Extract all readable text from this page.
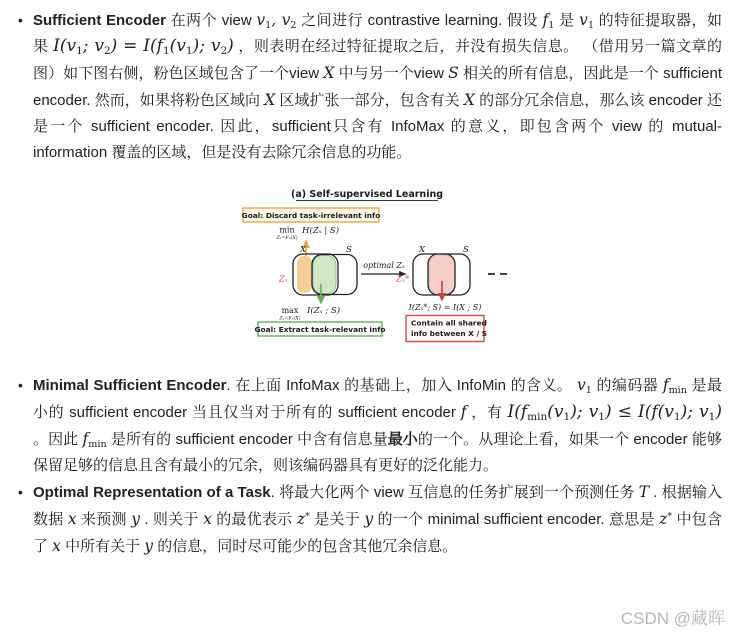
• Sufficient Encoder 在两个 view $v_1$, $v_2$ 之间进行 contrastive learning. 假设 $f_1$ 是 $v_1$ 的特征提取器，如果 $I(v_1$; $v_2) = I(f_1(v_1)$; $v_2$) ，则表明在经过特征提取之后，并没有损失信息。 （借用另一篇文章的图）如下图右侧，粉色区域包含了一个view X 中与另一个view S 相关的所有信息，因此是一个 sufficient encoder. 然而，如果将粉色区域向 X 区域扩张一部分，包含有关 X 的部分冗余信息，那么该 encoder 还是一个 sufficient encoder. 因此，sufficient只含有 InfoMax 的意义，即包含两个 view 的 mutual-information 覆盖的区域，但是没有去除冗余信息的功能。
(a) Self-supervised Learning
Goal: Discard task-irrelevant info
min
Zₓ=Fₓ(X)
H(Zₓ | S)
X	S
Zₓ
max
Zₓ=Fₓ(X)
I(Zₓ ; S)
Goal: Extract task-relevant info
optimal Zₓ
X	S
Zₓ*
I(Zₓ*; S) = I(X ; S)
Contain all shared
info between X / S
• Minimal Sufficient Encoder. 在上面 InfoMax 的基础上，加入 InfoMin 的含义。 $v_1$ 的编码器 $f_{min}$ 是最小的 sufficient encoder 当且仅当对于所有的 sufficient encoder f ，有 $I(f_{min}(v_1)$; $v_1) \le I(f(v_1)$; $v_1$) 。因此 $f_{min}$ 是所有的 sufficient encoder 中含有信息量最小的一个。从理论上看，如果一个 encoder 能够保留足够的信息且含有最小的冗余，则该编码器具有更好的泛化能力。
• Optimal Representation of a Task. 将最大化两个 view 互信息的任务扩展到一个预测任务 T . 根据输入数据 x 来预测 y . 则关于 x 的最优表示 z* 是关于 y 的一个 minimal sufficient encoder. 意思是 z* 中包含了 x 中所有关于 y 的信息，同时尽可能少的包含其他冗余信息。
CSDN @藏晖
